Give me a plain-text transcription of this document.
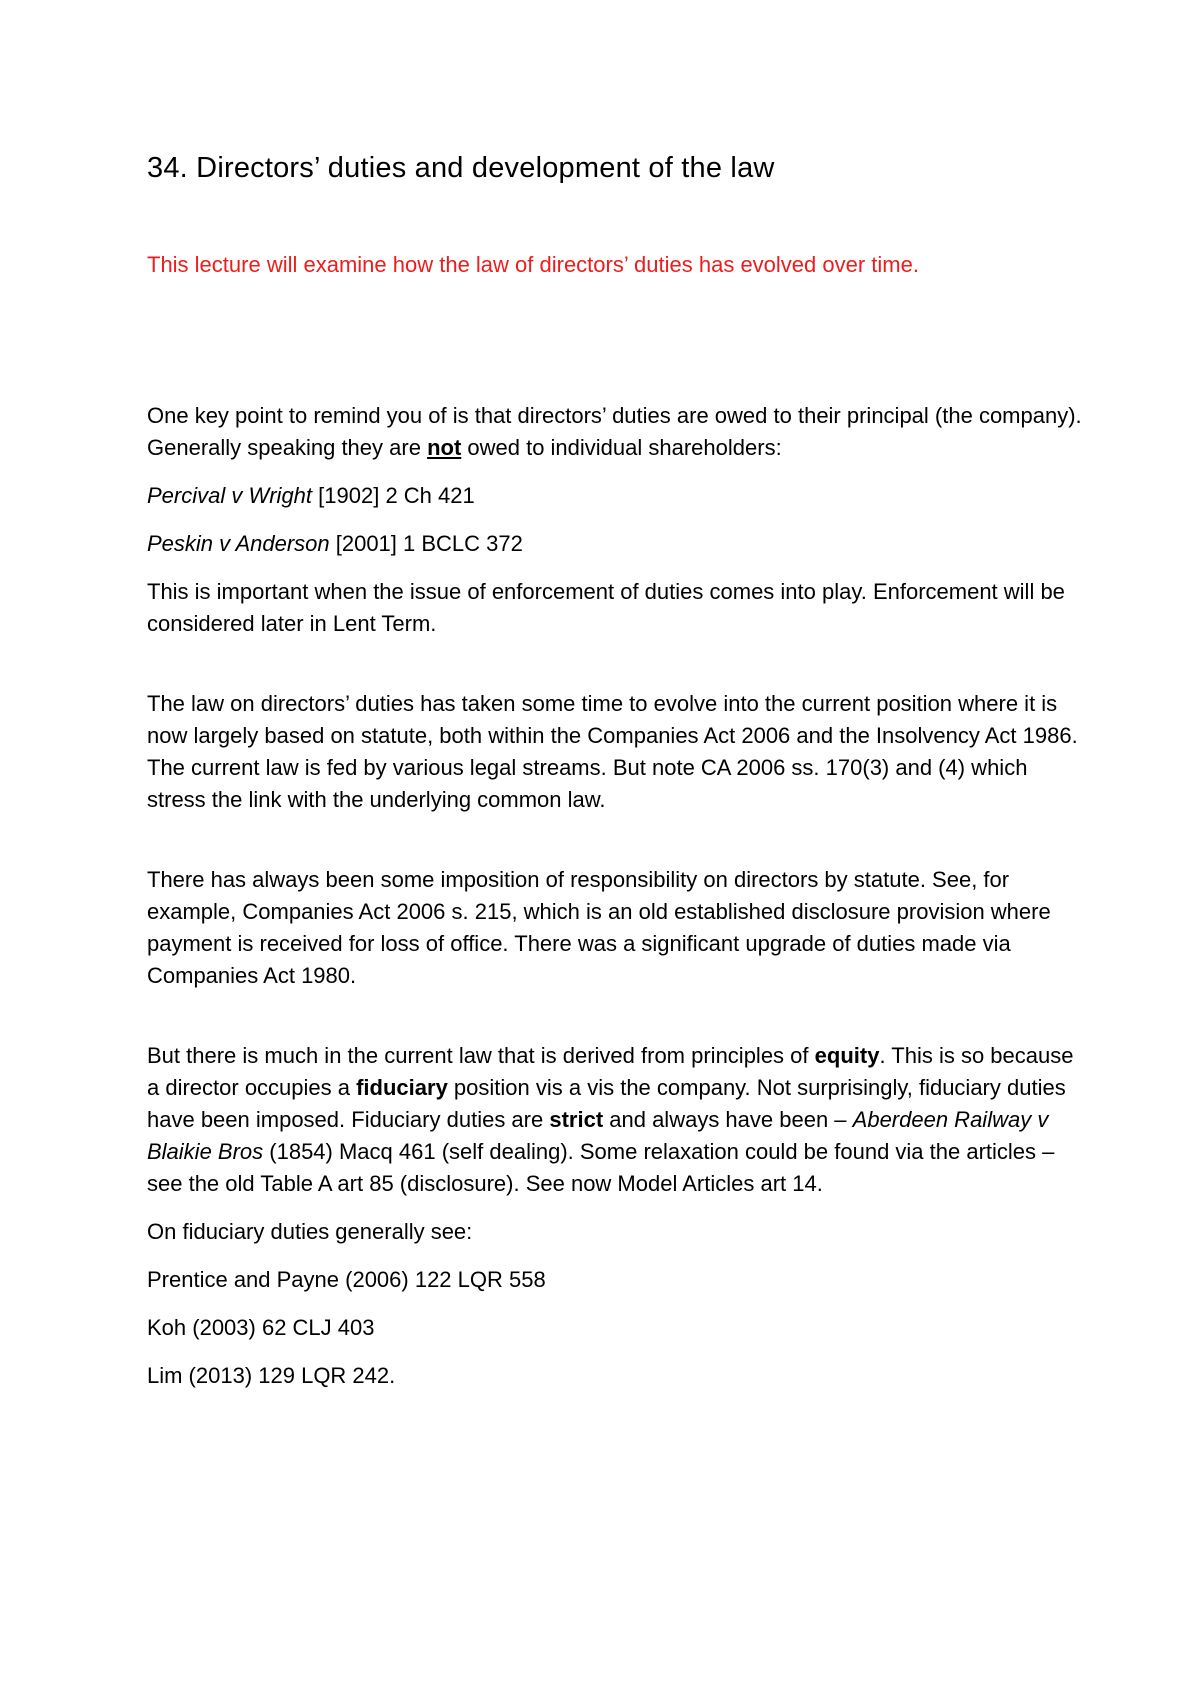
34. Directors’ duties and development of the law

This lecture will examine how the law of directors’ duties has evolved over time.

One key point to remind you of is that directors’ duties are owed to their principal (the company). Generally speaking they are not owed to individual shareholders:

Percival v Wright [1902] 2 Ch 421

Peskin v Anderson [2001] 1 BCLC 372

This is important when the issue of enforcement of duties comes into play. Enforcement will be considered later in Lent Term.

The law on directors’ duties has taken some time to evolve into the current position where it is now largely based on statute, both within the Companies Act 2006 and the Insolvency Act 1986. The current law is fed by various legal streams. But note CA 2006 ss. 170(3) and (4) which stress the link with the underlying common law.

There has always been some imposition of responsibility on directors by statute. See, for example, Companies Act 2006 s. 215, which is an old established disclosure provision where payment is received for loss of office. There was a significant upgrade of duties made via Companies Act 1980.

But there is much in the current law that is derived from principles of equity. This is so because a director occupies a fiduciary position vis a vis the company. Not surprisingly, fiduciary duties have been imposed. Fiduciary duties are strict and always have been – Aberdeen Railway v Blaikie Bros (1854) Macq 461 (self dealing). Some relaxation could be found via the articles – see the old Table A art 85 (disclosure). See now Model Articles art 14.

On fiduciary duties generally see:

Prentice and Payne (2006) 122 LQR 558

Koh (2003) 62 CLJ 403

Lim (2013) 129 LQR 242.
